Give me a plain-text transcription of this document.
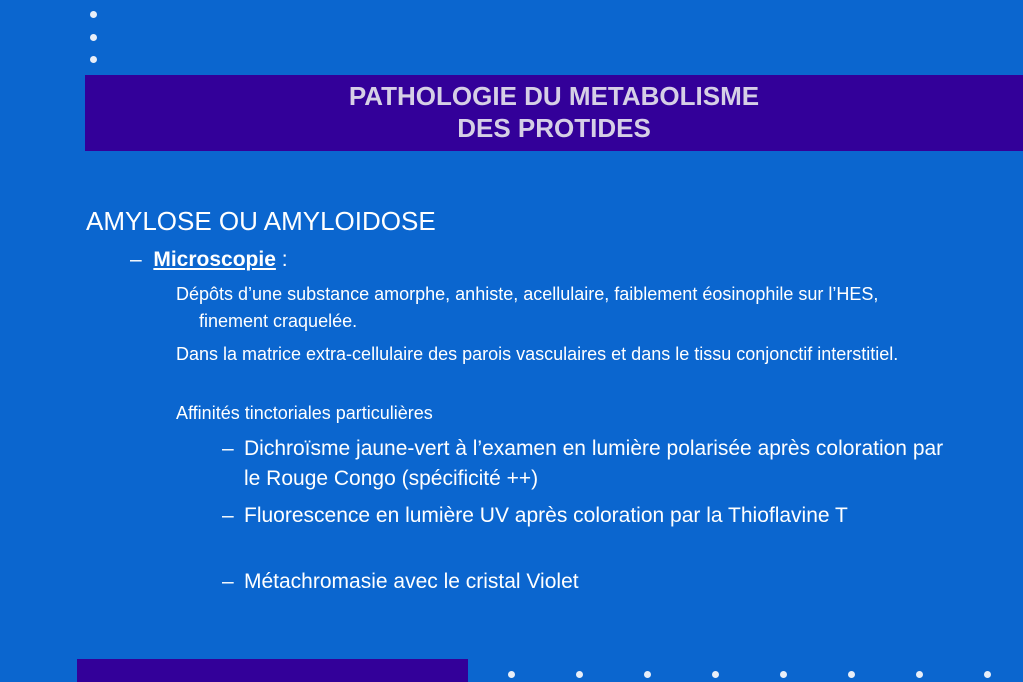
PATHOLOGIE DU METABOLISME
DES PROTIDES
AMYLOSE OU AMYLOIDOSE
– Microscopie :
Dépôts d’une substance amorphe, anhiste, acellulaire, faiblement éosinophile sur l’HES, finement craquelée.
Dans la matrice extra-cellulaire des parois vasculaires et dans le tissu conjonctif interstitiel.
Affinités tinctoriales particulières
– Dichroïsme jaune-vert à l’examen en lumière polarisée après coloration par le Rouge Congo (spécificité ++)
– Fluorescence en lumière UV après coloration par la Thioflavine T
– Métachromasie avec le cristal Violet
